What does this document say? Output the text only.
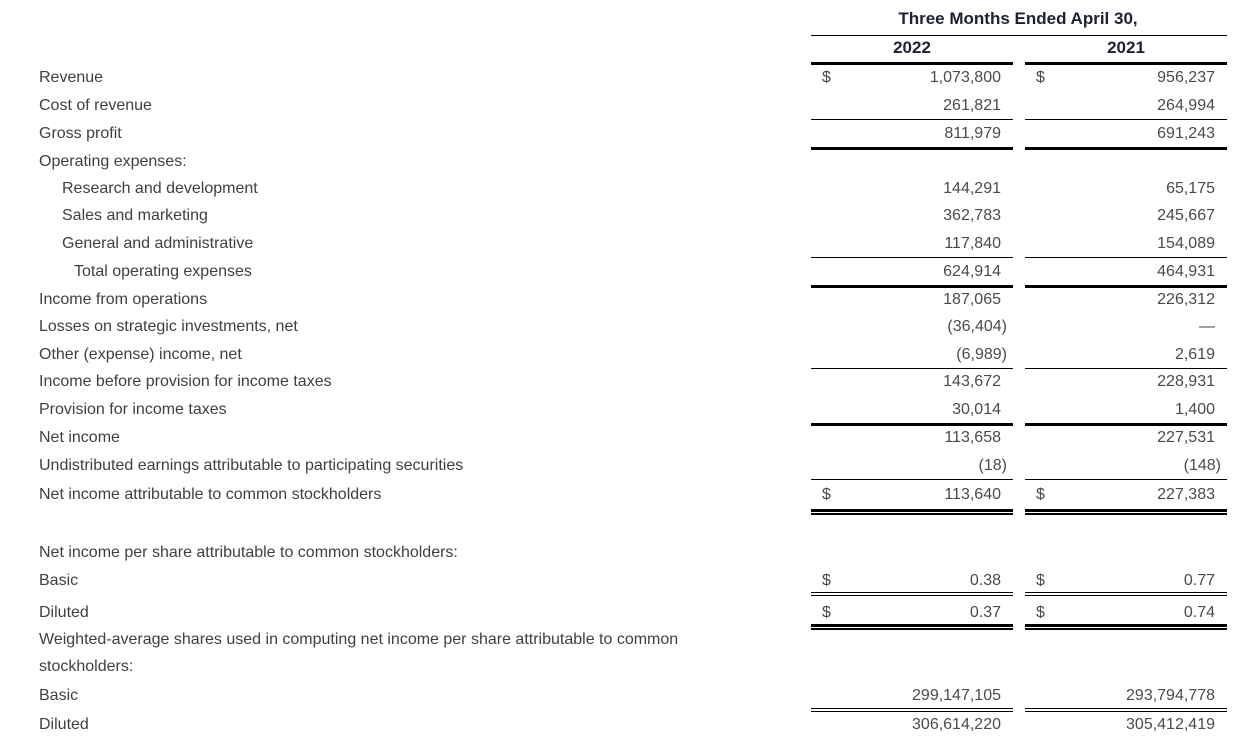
Three Months Ended April 30,
2022	2021
Revenue	$	1,073,800 $	956,237
Cost of revenue	261,821	264,994
Gross profit	811,979	691,243
Operating expenses:
Research and development	144,291	65,175
Sales and marketing	362,783	245,667
General and administrative	117,840	154,089
Total operating expenses	624,914	464,931
Income from operations	187,065	226,312
Losses on strategic investments, net	(36,404)	—
Other (expense) income, net	(6,989)	2,619
Income before provision for income taxes	143,672	228,931
Provision for income taxes	30,014	1,400
Net income	113,658	227,531
Undistributed earnings attributable to participating securities	(18)	(148)
Net income attributable to common stockholders	$	113,640 $	227,383
Net income per share attributable to common stockholders:
Basic	$	0.38 $	0.77
Diluted	$	0.37 $	0.74
Weighted-average shares used in computing net income per share attributable to common
stockholders:
Basic	299,147,105	293,794,778
Diluted	306,614,220	305,412,419
